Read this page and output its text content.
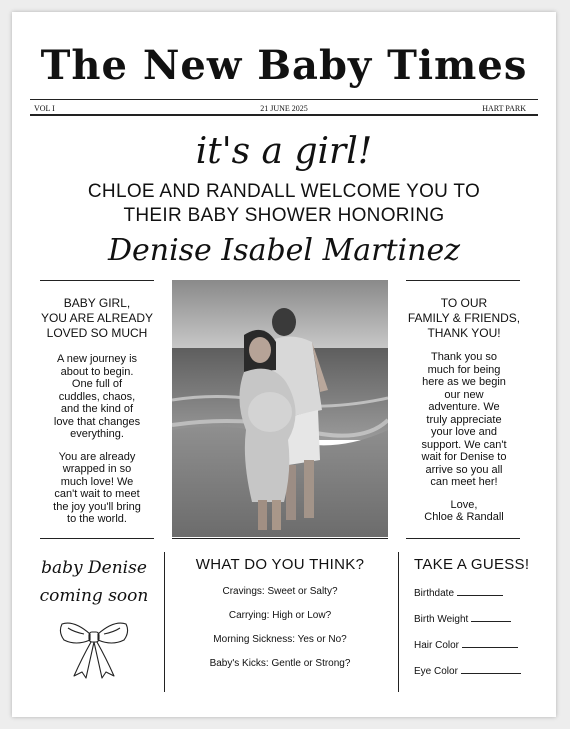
The New Baby Times
VOL I	21 JUNE 2025	HART PARK
it's a girl!
CHLOE AND RANDALL WELCOME YOU TO
THEIR BABY SHOWER HONORING
Denise Isabel Martinez
BABY GIRL,
YOU ARE ALREADY
LOVED SO MUCH
A new journey is
about to begin.
One full of
cuddles, chaos,
and the kind of
love that changes
everything.
You are already
wrapped in so
much love! We
can't wait to meet
the joy you'll bring
to the world.
TO OUR
FAMILY & FRIENDS,
THANK YOU!
Thank you so
much for being
here as we begin
our new
adventure. We
truly appreciate
your love and
support. We can't
wait for Denise to
arrive so you all
can meet her!
Love,
Chloe & Randall
baby Denise
coming soon
WHAT DO YOU THINK?
Cravings: Sweet or Salty?
Carrying: High or Low?
Morning Sickness: Yes or No?
Baby's Kicks: Gentle or Strong?
TAKE A GUESS!
Birthdate
Birth Weight
Hair Color
Eye Color
